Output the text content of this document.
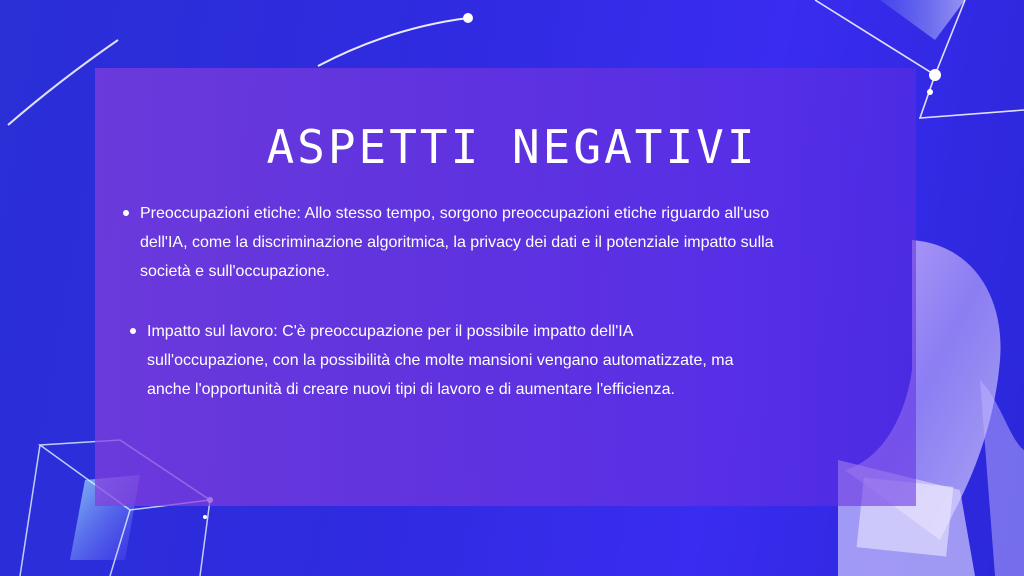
ASPETTI NEGATIVI
Preoccupazioni etiche: Allo stesso tempo, sorgono preoccupazioni etiche riguardo all'uso dell'IA, come la discriminazione algoritmica, la privacy dei dati e il potenziale impatto sulla società e sull'occupazione.
Impatto sul lavoro: C'è preoccupazione per il possibile impatto dell'IA sull'occupazione, con la possibilità che molte mansioni vengano automatizzate, ma anche l'opportunità di creare nuovi tipi di lavoro e di aumentare l'efficienza.
